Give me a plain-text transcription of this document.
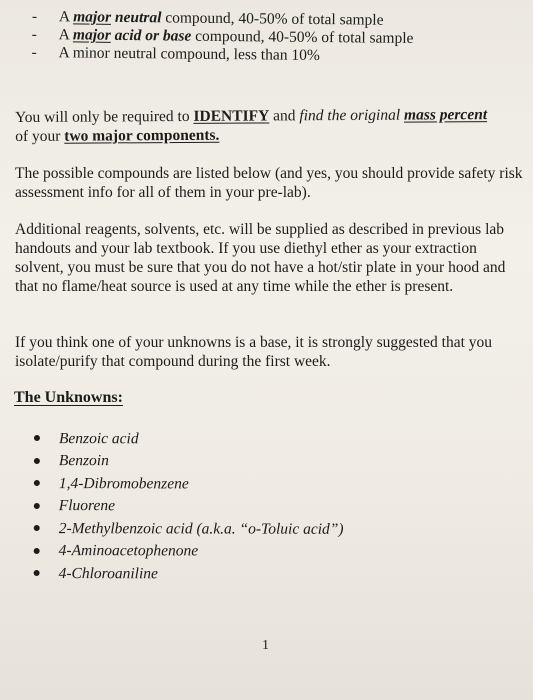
-	A major neutral compound, 40-50% of total sample
-	A major acid or base compound, 40-50% of total sample
-	A minor neutral compound, less than 10%

You will only be required to IDENTIFY and find the original mass percent
of your two major components.

The possible compounds are listed below (and yes, you should provide safety risk assessment info for all of them in your pre-lab).

Additional reagents, solvents, etc. will be supplied as described in previous lab handouts and your lab textbook. If you use diethyl ether as your extraction solvent, you must be sure that you do not have a hot/stir plate in your hood and that no flame/heat source is used at any time while the ether is present.

If you think one of your unknowns is a base, it is strongly suggested that you isolate/purify that compound during the first week.

The Unknowns:
Benzoic acid
Benzoin
1,4-Dibromobenzene
Fluorene
2-Methylbenzoic acid (a.k.a. “o-Toluic acid”)
4-Aminoacetophenone
4-Chloroaniline
1
